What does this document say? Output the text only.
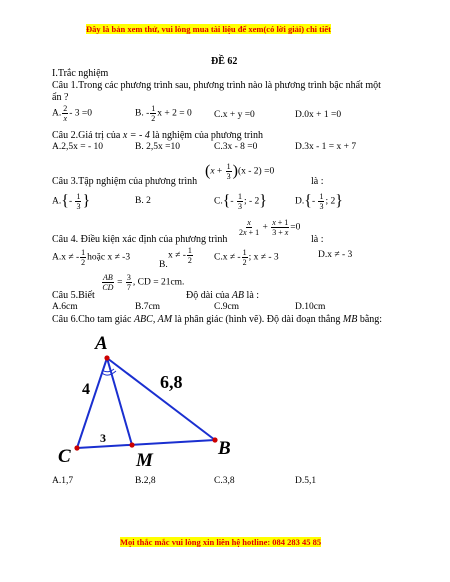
Đây là bản xem thử, vui lòng mua tài liệu để xem(có lời giải) chi tiết
ĐỀ 62
I.Trắc nghiệm
Câu 1.Trong các phương trình sau, phương trình nào là phương trình bậc nhất một
ẩn ?
A. $\frac{2}{x} - 3 =0$	B. - $\frac{1}{2}$ x + 2 = 0 C.x + y =0	D.0x + 1 =0
Câu 2.Giá trị của x = - 4 là nghiệm của phương trình
A.2,5x = - 10	B. 2,5x =10	C.3x - 8 =0	D.3x - 1 = x + 7
Câu 3.Tập nghiệm của phương trình
$(x + \frac{1}{3} )(x - 2) =0$
là :
$A.\{- \frac{1}{3}$ }	B. 2	$C.\{- \frac{1}{3}$ ; - 2}	$D.\{- \frac{1}{3}$ ; 2}
Câu 4. Điều kiện xác định của phương trình
$\frac{x}{2x + 1} + \frac{x + 1}{3 + x} =0$
là :
A.x ≠ - $\frac{1}{2}$ hoặc x ≠ -3
B.
x ≠ - $\frac{1}{2} C.x$ ≠ - $\frac{1}{2}$ ; x ≠ - 3	D.x ≠ - 3
Câu 5.Biết
$\frac{AB}{CD} = \frac{3}{7}$ , CD = 21cm.
Độ dài của AB là :
A.6cm	B.7cm	C.9cm	D.10cm
Câu 6.Cho tam giác ABC, AM là phân giác (hình vẽ). Độ dài đoạn thẳng MB bằng:
A
B
C	M
4	6,8
3
A.1,7	B.2,8	C.3,8	D.5,1
Mọi thắc mắc vui lòng xin liên hệ hotline: 084 283 45 85
